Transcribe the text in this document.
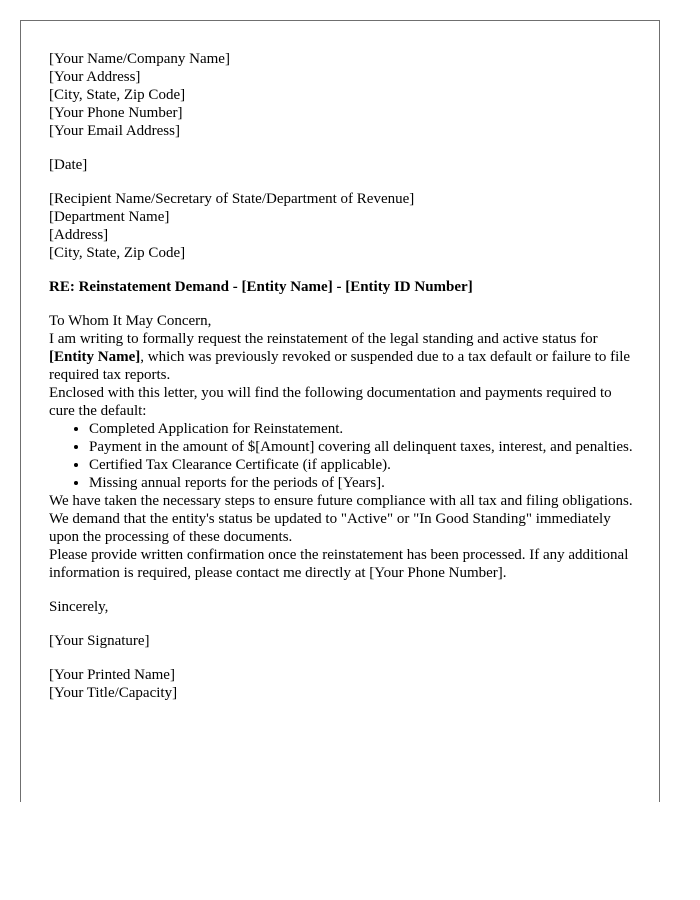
[Your Name/Company Name]
[Your Address]
[City, State, Zip Code]
[Your Phone Number]
[Your Email Address]
[Date]
[Recipient Name/Secretary of State/Department of Revenue]
[Department Name]
[Address]
[City, State, Zip Code]
RE: Reinstatement Demand - [Entity Name] - [Entity ID Number]
To Whom It May Concern,

I am writing to formally request the reinstatement of the legal standing and active status for [Entity Name], which was previously revoked or suspended due to a tax default or failure to file required tax reports.

Enclosed with this letter, you will find the following documentation and payments required to cure the default:

• Completed Application for Reinstatement.
• Payment in the amount of $[Amount] covering all delinquent taxes, interest, and penalties.
• Certified Tax Clearance Certificate (if applicable).
• Missing annual reports for the periods of [Years].

We have taken the necessary steps to ensure future compliance with all tax and filing obligations. We demand that the entity's status be updated to "Active" or "In Good Standing" immediately upon the processing of these documents.

Please provide written confirmation once the reinstatement has been processed. If any additional information is required, please contact me directly at [Your Phone Number].

Sincerely,
[Your Signature]
[Your Printed Name]
[Your Title/Capacity]
